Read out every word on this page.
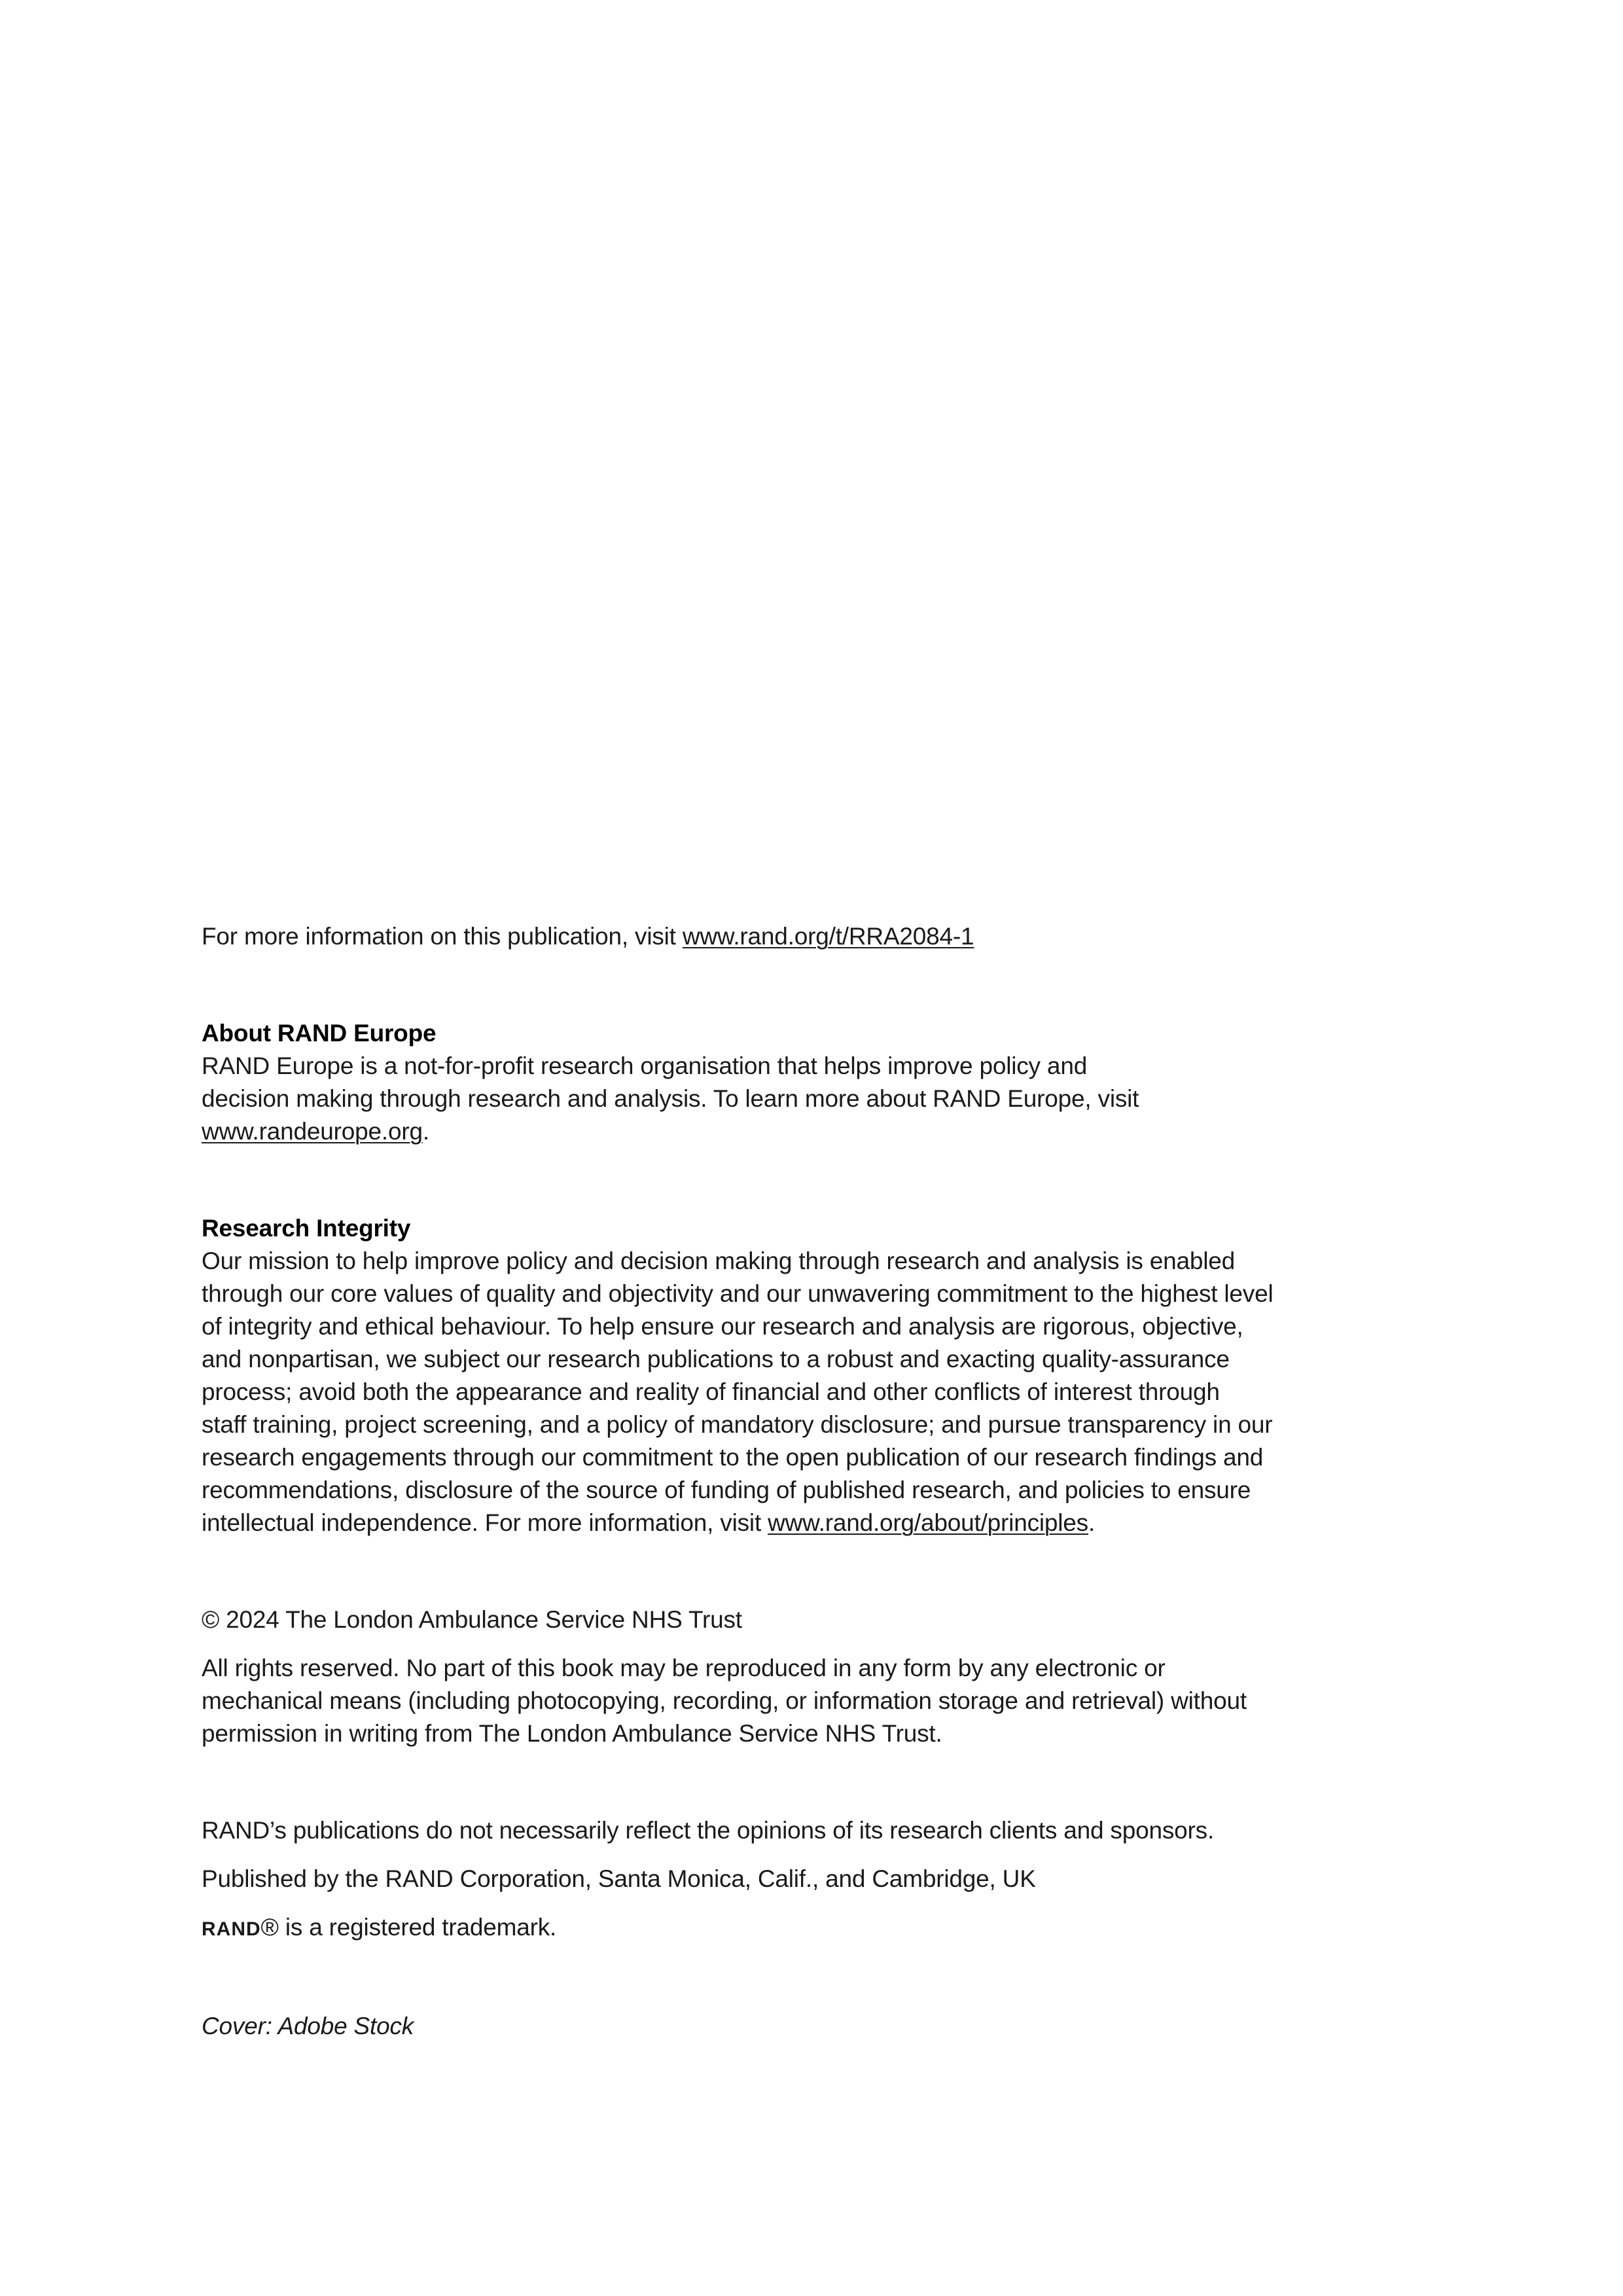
For more information on this publication, visit www.rand.org/t/RRA2084-1

About RAND Europe

RAND Europe is a not-for-profit research organisation that helps improve policy and

decision making through research and analysis. To learn more about RAND Europe, visit

www.randeurope.org.

Research Integrity

Our mission to help improve policy and decision making through research and analysis is enabled

through our core values of quality and objectivity and our unwavering commitment to the highest level

of integrity and ethical behaviour. To help ensure our research and analysis are rigorous, objective,

and nonpartisan, we subject our research publications to a robust and exacting quality-assurance

process; avoid both the appearance and reality of financial and other conflicts of interest through

staff training, project screening, and a policy of mandatory disclosure; and pursue transparency in our

research engagements through our commitment to the open publication of our research findings and

recommendations, disclosure of the source of funding of published research, and policies to ensure

intellectual independence. For more information, visit www.rand.org/about/principles.

© 2024 The London Ambulance Service NHS Trust

All rights reserved. No part of this book may be reproduced in any form by any electronic or

mechanical means (including photocopying, recording, or information storage and retrieval) without

permission in writing from The London Ambulance Service NHS Trust.

RAND’s publications do not necessarily reflect the opinions of its research clients and sponsors.

Published by the RAND Corporation, Santa Monica, Calif., and Cambridge, UK

RAND® is a registered trademark.

Cover: Adobe Stock
